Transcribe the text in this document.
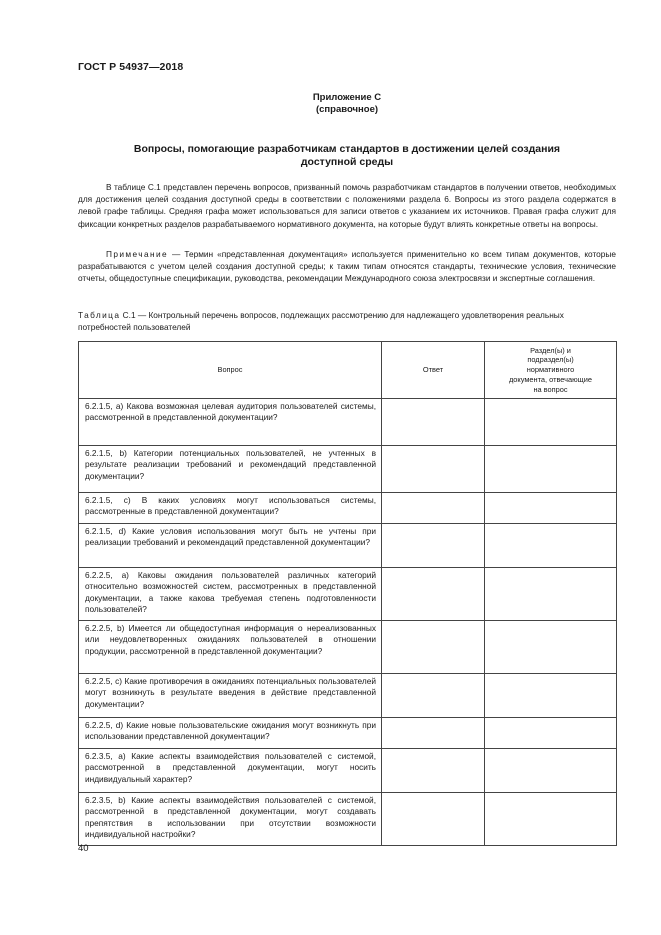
ГОСТ Р 54937—2018
Приложение С
(справочное)
Вопросы, помогающие разработчикам стандартов в достижении целей создания
доступной среды
В таблице С.1 представлен перечень вопросов, призванный помочь разработчикам стандартов в получении ответов, необходимых для достижения целей создания доступной среды в соответствии с положениями раздела 6. Вопросы из этого раздела содержатся в левой графе таблицы. Средняя графа может использоваться для записи ответов с указанием их источников. Правая графа служит для фиксации конкретных разделов разрабатываемого нормативного документа, на которые будут влиять конкретные ответы на вопросы.
Примечание — Термин «представленная документация» используется применительно ко всем типам документов, которые разрабатываются с учетом целей создания доступной среды; к таким типам относятся стандарты, технические условия, технические отчеты, общедоступные спецификации, руководства, рекомендации Международного союза электросвязи и экспертные соглашения.
Таблица С.1 — Контрольный перечень вопросов, подлежащих рассмотрению для надлежащего удовлетворения реальных потребностей пользователей
Вопрос	Ответ	Раздел(ы) и
подраздел(ы)
нормативного
документа, отвечающие
на вопрос
6.2.1.5, a) Какова возможная целевая аудитория пользователей системы, рассмотренной в представленной документации?		
6.2.1.5, b) Категории потенциальных пользователей, не учтенных в результате реализации требований и рекомендаций представленной документации?		
6.2.1.5, с) В каких условиях могут использоваться системы, рассмотренные в представленной документации?		
6.2.1.5, d) Какие условия использования могут быть не учтены при реализации требований и рекомендаций представленной документации?		
6.2.2.5, a) Каковы ожидания пользователей различных категорий относительно возможностей систем, рассмотренных в представленной документации, а также какова требуемая степень подготовленности пользователей?		
6.2.2.5, b) Имеется ли общедоступная информация о нереализованных или неудовлетворенных ожиданиях пользователей в отношении продукции, рассмотренной в представленной документации?		
6.2.2.5, с) Какие противоречия в ожиданиях потенциальных пользователей могут возникнуть в результате введения в действие представленной документации?		
6.2.2.5, d) Какие новые пользовательские ожидания могут возникнуть при использовании представленной документации?		
6.2.3.5, a) Какие аспекты взаимодействия пользователей с системой, рассмотренной в представленной документации, могут носить индивидуальный характер?		
6.2.3.5, b) Какие аспекты взаимодействия пользователей с системой, рассмотренной в представленной документации, могут создавать препятствия в использовании при отсутствии возможности индивидуальной настройки?		
40
